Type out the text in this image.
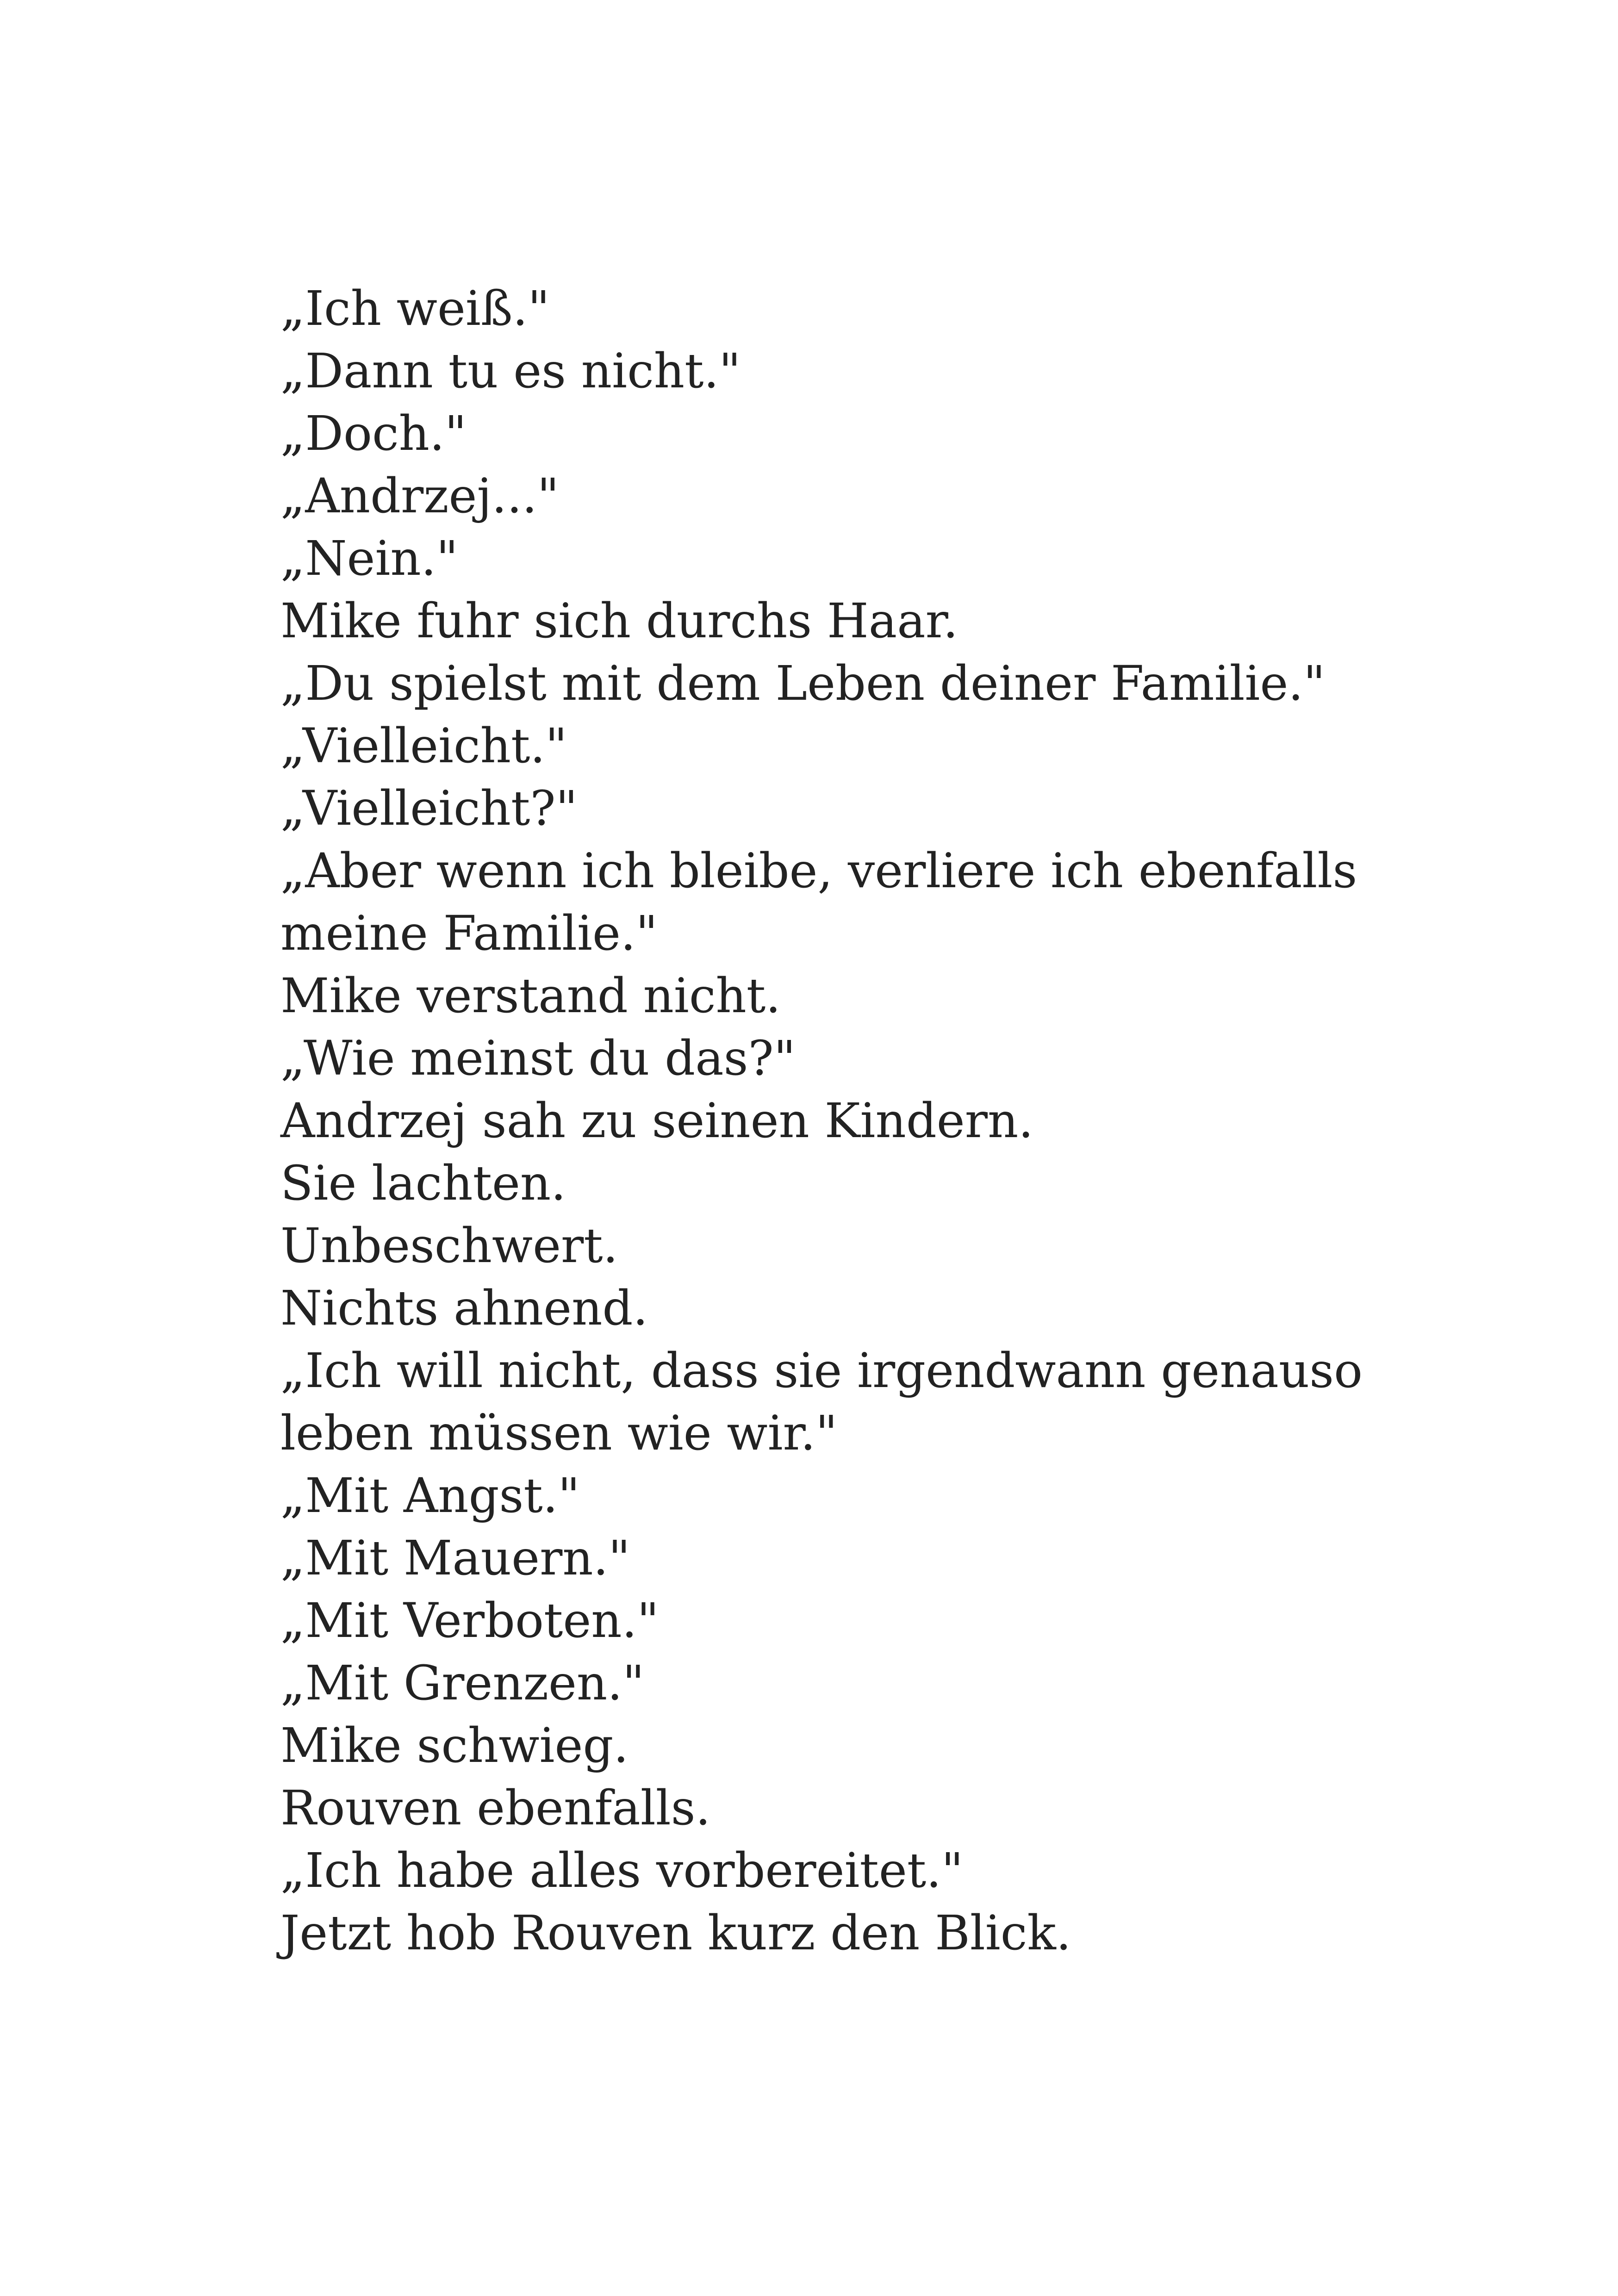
„Ich weiß."
„Dann tu es nicht."
„Doch."
„Andrzej..."
„Nein."
Mike fuhr sich durchs Haar.
„Du spielst mit dem Leben deiner Familie."
„Vielleicht."
„Vielleicht?"
„Aber wenn ich bleibe, verliere ich ebenfalls
meine Familie."
Mike verstand nicht.
„Wie meinst du das?"
Andrzej sah zu seinen Kindern.
Sie lachten.
Unbeschwert.
Nichts ahnend.
„Ich will nicht, dass sie irgendwann genauso
leben müssen wie wir."
„Mit Angst."
„Mit Mauern."
„Mit Verboten."
„Mit Grenzen."
Mike schwieg.
Rouven ebenfalls.
„Ich habe alles vorbereitet."
Jetzt hob Rouven kurz den Blick.
